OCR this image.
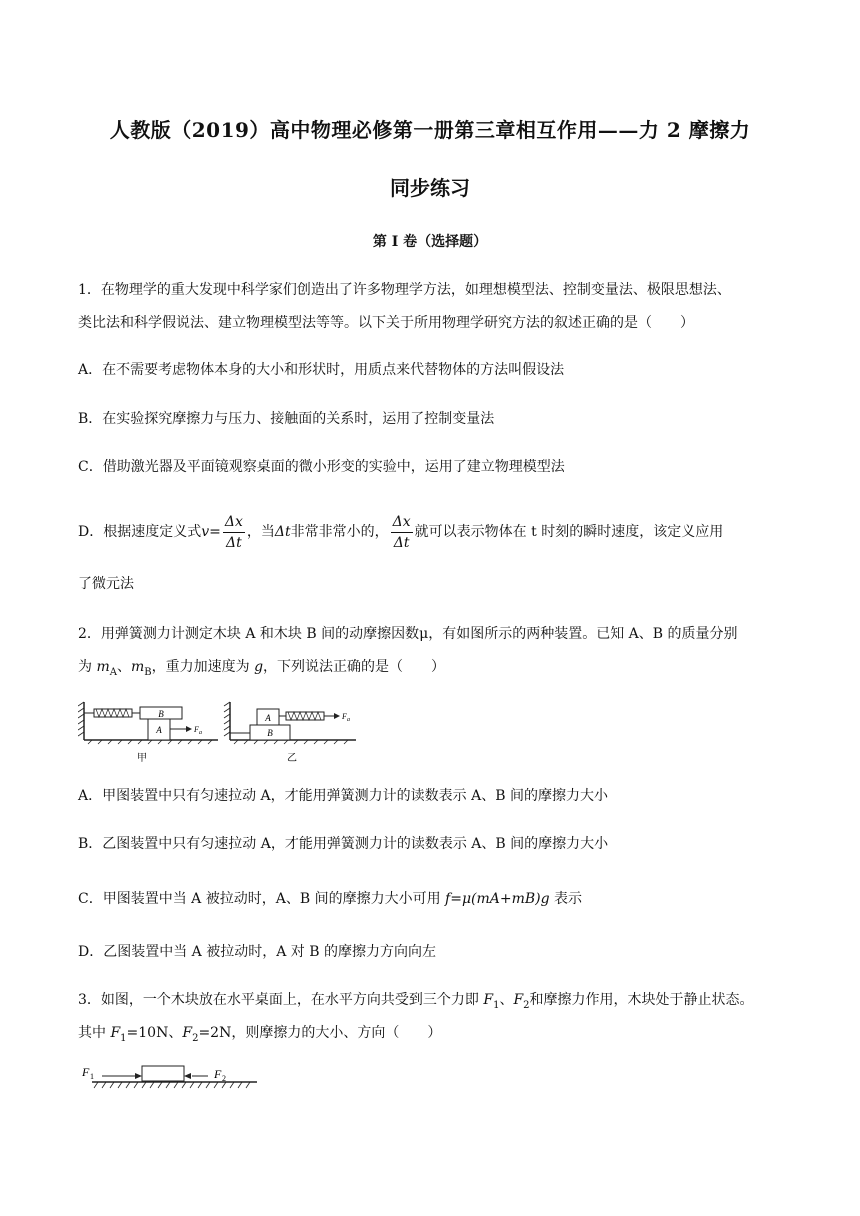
人教版（2019）高中物理必修第一册第三章相互作用——力 2 摩擦力
同步练习
第 I 卷（选择题）
1．在物理学的重大发现中科学家们创造出了许多物理学方法，如理想模型法、控制变量法、极限思想法、
类比法和科学假说法、建立物理模型法等等。以下关于所用物理学研究方法的叙述正确的是（　　）
A．在不需要考虑物体本身的大小和形状时，用质点来代替物体的方法叫假设法
B．在实验探究摩擦力与压力、接触面的关系时，运用了控制变量法
C．借助激光器及平面镜观察桌面的微小形变的实验中，运用了建立物理模型法
D．根据速度定义式 $v = \frac{\Delta x}{\Delta t}$ ，当 Δt 非常非常小的， $\frac{\Delta x}{\Delta t}$ 就可以表示物体在 t 时刻的瞬时速度，该定义应用
了微元法
2．用弹簧测力计测定木块 A 和木块 B 间的动摩擦因数μ，有如图所示的两种装置。已知 A、B 的质量分别
为 $m_A$、$m_B$，重力加速度为 g，下列说法正确的是（　　）
B
A	F a
甲
B
A	F a
乙
A．甲图装置中只有匀速拉动 A，才能用弹簧测力计的读数表示 A、B 间的摩擦力大小
B．乙图装置中只有匀速拉动 A，才能用弹簧测力计的读数表示 A、B 间的摩擦力大小
C．甲图装置中当 A 被拉动时，A、B 间的摩擦力大小可用 f=μ(mA+mB)g 表示
D．乙图装置中当 A 被拉动时，A 对 B 的摩擦力方向向左
3．如图，一个木块放在水平桌面上，在水平方向共受到三个力即 $F_1$、$F_2$和摩擦力作用，木块处于静止状态。
其中 $F_1=10N$、$F_2=2N$，则摩擦力的大小、方向（　　）
F 1	F 2
